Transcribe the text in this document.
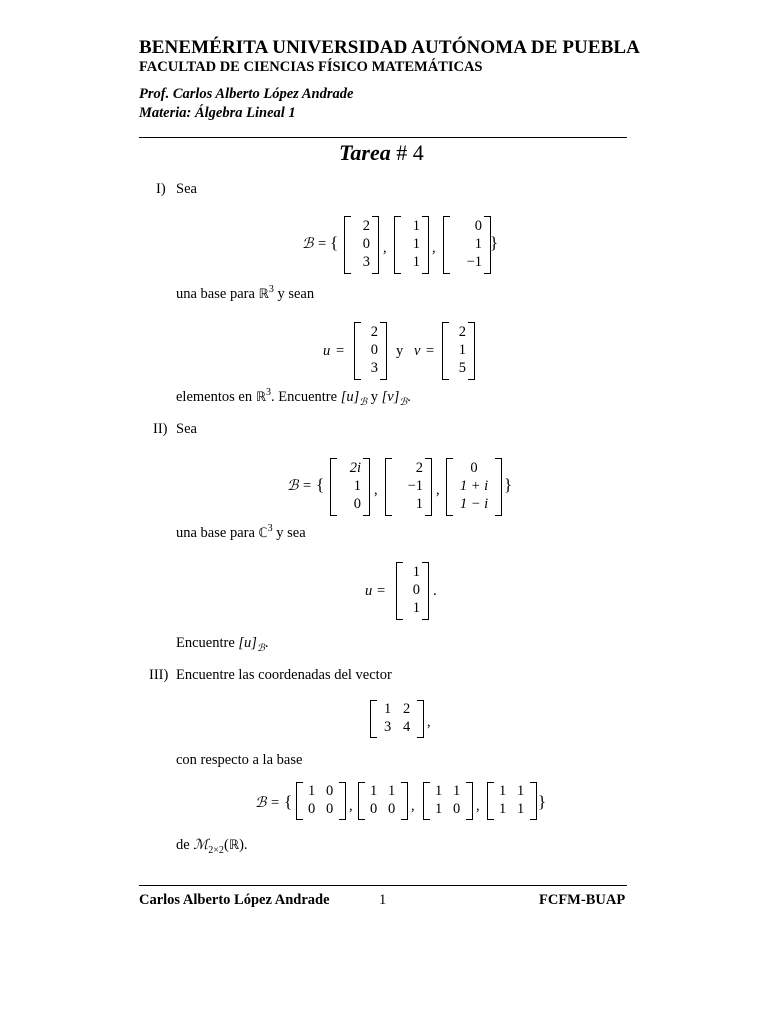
BENEMÉRITA UNIVERSIDAD AUTÓNOMA DE PUEBLA
FACULTAD DE CIENCIAS FÍSICO MATEMÁTICAS
Prof. Carlos Alberto López Andrade
Materia: Álgebra Lineal 1
Tarea # 4
I) Sea
ℬ = {
2
0
3
,
1
1
1
,
0
1
−1
}
una base para ℝ$^3$ y sean
u =
2
0
3
y v =
2
1
5
elementos en ℝ$^3$. Encuentre $[u]_ℬ$ y $[v]_ℬ$.
II) Sea
ℬ = {
2i
1
0
,
2
−1
1
,
0
1 + i
1 − i
}
una base para ℂ$^3$ y sea
u =
1
0
1
.
Encuentre $[u]_ℬ$.
III) Encuentre las coordenadas del vector
1 2
3 4 ,
con respecto a la base
ℬ = {
1 0
0 0 ,
1 1
0 0 ,
1 1
1 0 ,
1 1
1 1 }
de ℳ$_{2\times 2}$(ℝ).
Carlos Alberto López Andrade	1	FCFM-BUAP
